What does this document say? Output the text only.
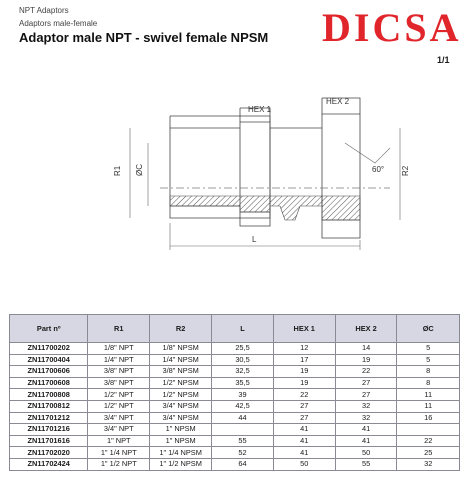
NPT Adaptors
Adaptors male-female
Adaptor male NPT - swivel female NPSM DICSA
1/1
HEX 1
HEX 2
R1 ØC	R2
60°
L
Part nº	R1	R2	L	HEX 1	HEX 2	ØC
ZN11700202	1/8" NPT	1/8" NPSM	25,5	12	14	5
ZN11700404	1/4" NPT	1/4" NPSM	30,5	17	19	5
ZN11700606	3/8" NPT	3/8" NPSM	32,5	19	22	8
ZN11700608	3/8" NPT	1/2" NPSM	35,5	19	27	8
ZN11700808	1/2" NPT	1/2" NPSM	39	22	27	11
ZN11700812	1/2" NPT	3/4" NPSM	42,5	27	32	11
ZN11701212	3/4" NPT	3/4" NPSM	44	27	32	16
ZN11701216	3/4" NPT	1" NPSM		41	41	
ZN11701616	1" NPT	1" NPSM	55	41	41	22
ZN11702020	1" 1/4 NPT	1" 1/4 NPSM	52	41	50	25
ZN11702424	1" 1/2 NPT	1" 1/2 NPSM	64	50	55	32
